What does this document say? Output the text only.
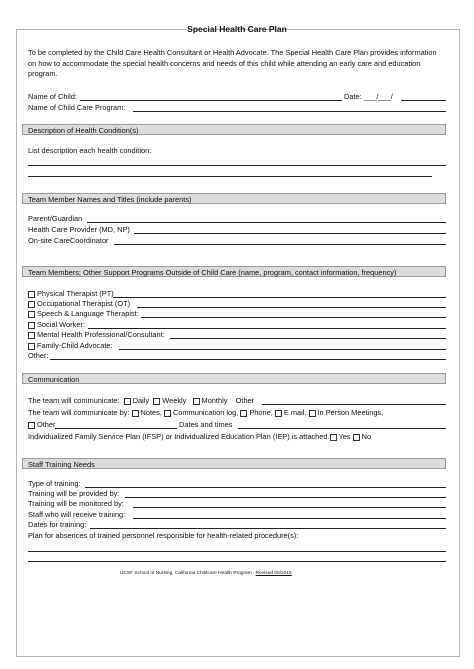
Special Health Care Plan
To be completed by the Child Care Health Consultant or Health Advocate. The Special Health Care Plan provides information on how to accommodate the special health concerns and needs of this child while attending an early care and education program.
Name of Child:	Date: ___/___/
Name of Child Care Program:
Description of Health Condition(s)
List description each health condition:
Team Member Names and Titles (include parents)
Parent/Guardian
Health Care Provider (MD, NP)
On-site CareCoordinator
Team Members; Other Support Programs Outside of Child Care (name, program, contact information, frequency)
Physical Therapist (PT)
Occupational Therapist (OT)
Speech & Language Therapist:
Social Worker:
Mental Health Professional/Consultant:
Family-Child Advocate:
Other:
Communication
The team will communicate: Daily Weekly Monthly Other
The team will communicate by: Notes, Communication log, Phone, E mail, In Person Meetings,
Other	Dates and times
Individualized Family Service Plan (IFSP) or Individualized Education Plan (IEP) is attached. Yes No
Staff Training Needs
Type of training:
Training will be provided by:
Training will be monitored by:
Staff who will receive training:
Dates for training:
Plan for absences of trained personnel responsible for health-related procedure(s):
UCSF School of Nursing, California Childcare Health Program Revised 08/2015
